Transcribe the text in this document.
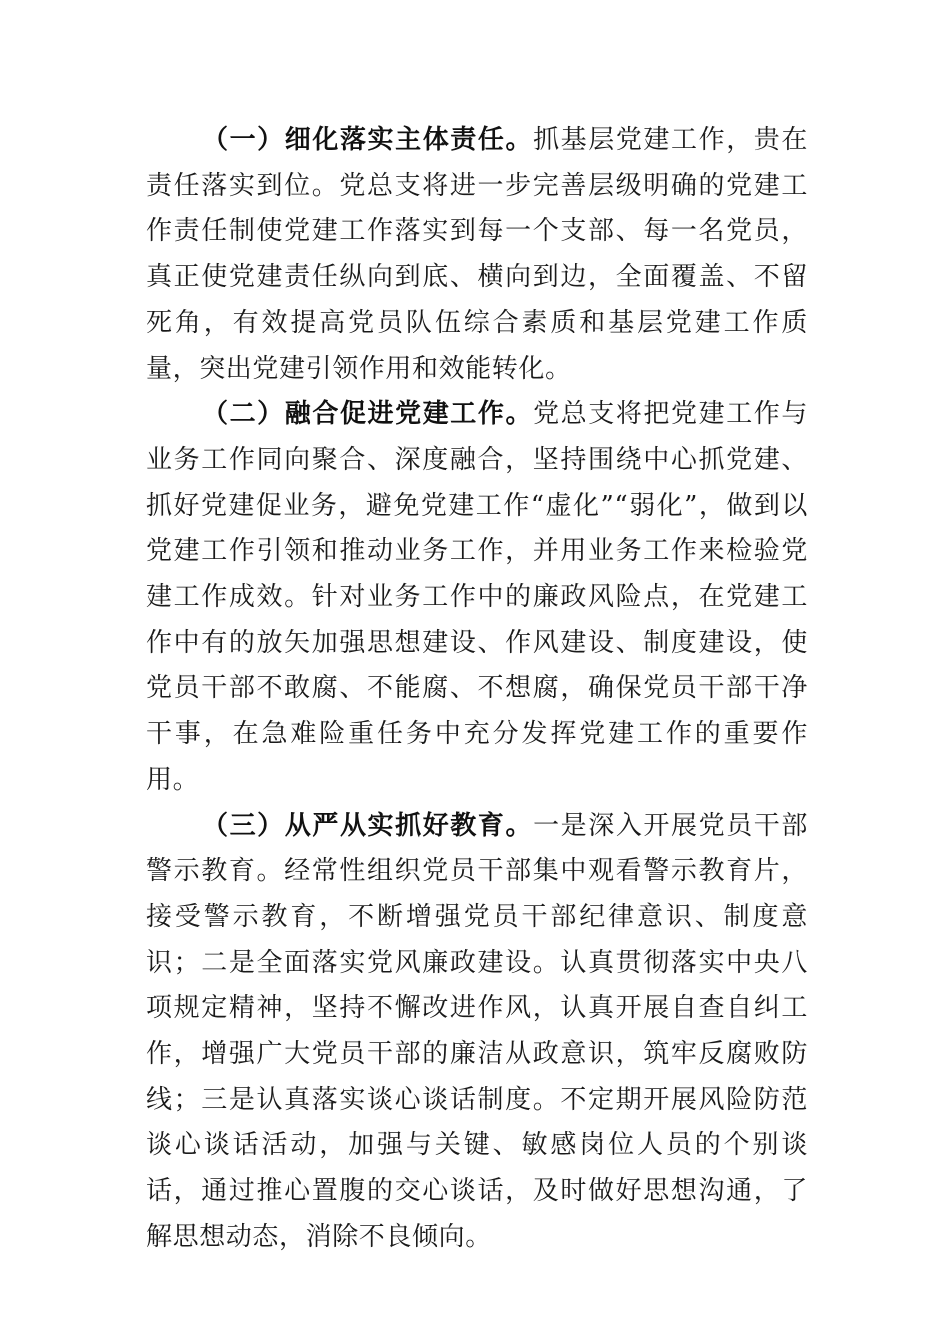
（一）细化落实主体责任。抓基层党建工作，贵在责任落实到位。党总支将进一步完善层级明确的党建工作责任制使党建工作落实到每一个支部、每一名党员，真正使党建责任纵向到底、横向到边，全面覆盖、不留死角，有效提高党员队伍综合素质和基层党建工作质量，突出党建引领作用和效能转化。

（二）融合促进党建工作。党总支将把党建工作与业务工作同向聚合、深度融合，坚持围绕中心抓党建、抓好党建促业务，避免党建工作“虚化”“弱化”，做到以党建工作引领和推动业务工作，并用业务工作来检验党建工作成效。针对业务工作中的廉政风险点，在党建工作中有的放矢加强思想建设、作风建设、制度建设，使党员干部不敢腐、不能腐、不想腐，确保党员干部干净干事，在急难险重任务中充分发挥党建工作的重要作用。

（三）从严从实抓好教育。一是深入开展党员干部警示教育。经常性组织党员干部集中观看警示教育片，接受警示教育，不断增强党员干部纪律意识、制度意识；二是全面落实党风廉政建设。认真贯彻落实中央八项规定精神，坚持不懈改进作风，认真开展自查自纠工作，增强广大党员干部的廉洁从政意识，筑牢反腐败防线；三是认真落实谈心谈话制度。不定期开展风险防范谈心谈话活动，加强与关键、敏感岗位人员的个别谈话，通过推心置腹的交心谈话，及时做好思想沟通，了解思想动态，消除不良倾向。
